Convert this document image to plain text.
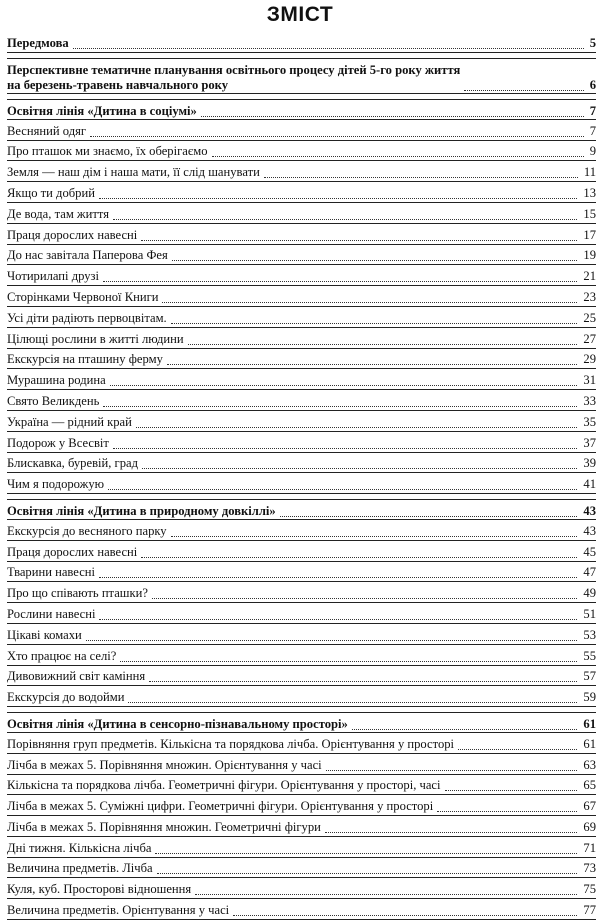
ЗМІСТ
Передмова	5
Перспективне тематичне планування освітнього процесу дітей 5-го року життя
на березень-травень навчального року	6
Освітня лінія «Дитина в соціумі»	7
Весняний одяг	7
Про пташок ми знаємо, їх оберігаємо	9
Земля — наш дім і наша мати, її слід шанувати	11
Якщо ти добрий	13
Де вода, там життя	15
Праця дорослих навесні	17
До нас завітала Паперова Фея	19
Чотирилапі друзі	21
Сторінками Червоної Книги	23
Усі діти радіють первоцвітам.	25
Цілющі рослини в житті людини	27
Екскурсія на пташину ферму	29
Мурашина родина	31
Свято Великдень	33
Україна — рідний край	35
Подорож у Всесвіт	37
Блискавка, буревій, град	39
Чим я подорожую	41
Освітня лінія «Дитина в природному довкіллі»	43
Екскурсія до весняного парку	43
Праця дорослих навесні	45
Тварини навесні	47
Про що співають пташки?	49
Рослини навесні	51
Цікаві комахи	53
Хто працює на селі?	55
Дивовижний світ каміння	57
Екскурсія до водойми	59
Освітня лінія «Дитина в сенсорно-пізнавальному просторі»	61
Порівняння груп предметів. Кількісна та порядкова лічба. Орієнтування у просторі	61
Лічба в межах 5. Порівняння множин. Орієнтування у часі	63
Кількісна та порядкова лічба. Геометричні фігури. Орієнтування у просторі, часі	65
Лічба в межах 5. Суміжні цифри. Геометричні фігури. Орієнтування у просторі	67
Лічба в межах 5. Порівняння множин. Геометричні фігури	69
Дні тижня. Кількісна лічба	71
Величина предметів. Лічба	73
Куля, куб. Просторові відношення	75
Величина предметів. Орієнтування у часі	77
